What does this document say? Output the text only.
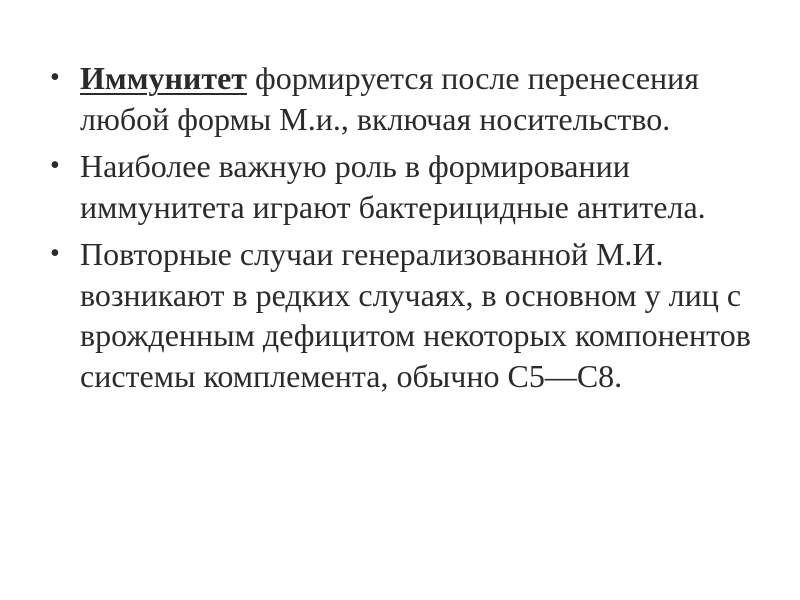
• Иммунитет формируется после перенесения любой формы М.и., включая носительство.
• Наиболее важную роль в формировании иммунитета играют бактерицидные антитела.
• Повторные случаи генерализованной М.И. возникают в редких случаях, в основном у лиц с врожденным дефицитом некоторых компонентов системы комплемента, обычно С5—С8.
